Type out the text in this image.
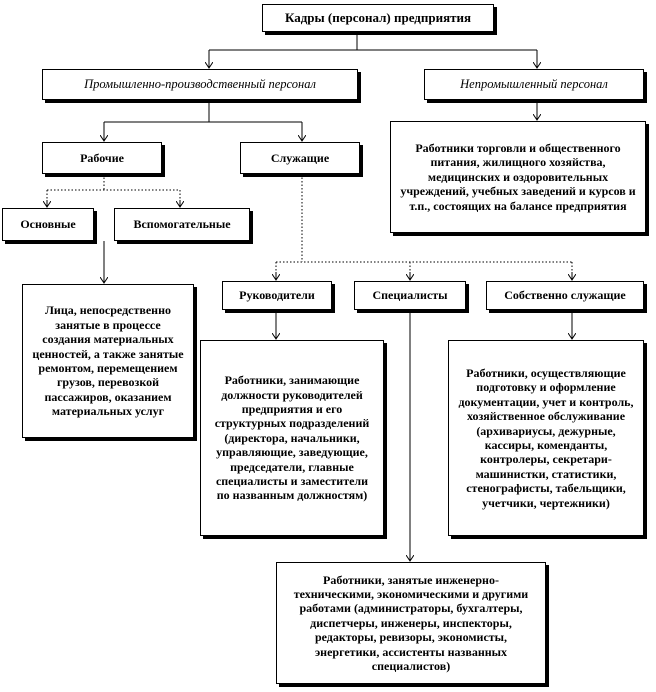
Кадры (персонал) предприятия
Промышленно-производственный персонал	Непромышленный персонал
Работники торговли и общественного питания, жилищного хозяйства, медицинских и оздоровительных учреждений, учебных заведений и курсов и т.п., состоящих на балансе предприятия
Рабочие	Служащие
Основные	Вспомогательные
Лица, непосредственно занятые в процессе создания материальных ценностей, а также занятые ремонтом, перемещением грузов, перевозкой пассажиров, оказанием материальных услуг
Руководители	Специалисты	Собственно служащие
Работники, занимающие должности руководителей предприятия и его структурных подразделений (директора, начальники, управляющие, заведующие, председатели, главные специалисты и заместители по названным должностям)
Работники, осуществляющие подготовку и оформление документации, учет и контроль, хозяйственное обслуживание (архивариусы, дежурные, кассиры, коменданты, контролеры, секретари-машинистки, статистики, стенографисты, табельщики, учетчики, чертежники)
Работники, занятые инженерно-техническими, экономическими и другими работами (администраторы, бухгалтеры, диспетчеры, инженеры, инспекторы, редакторы, ревизоры, экономисты, энергетики, ассистенты названных специалистов)
